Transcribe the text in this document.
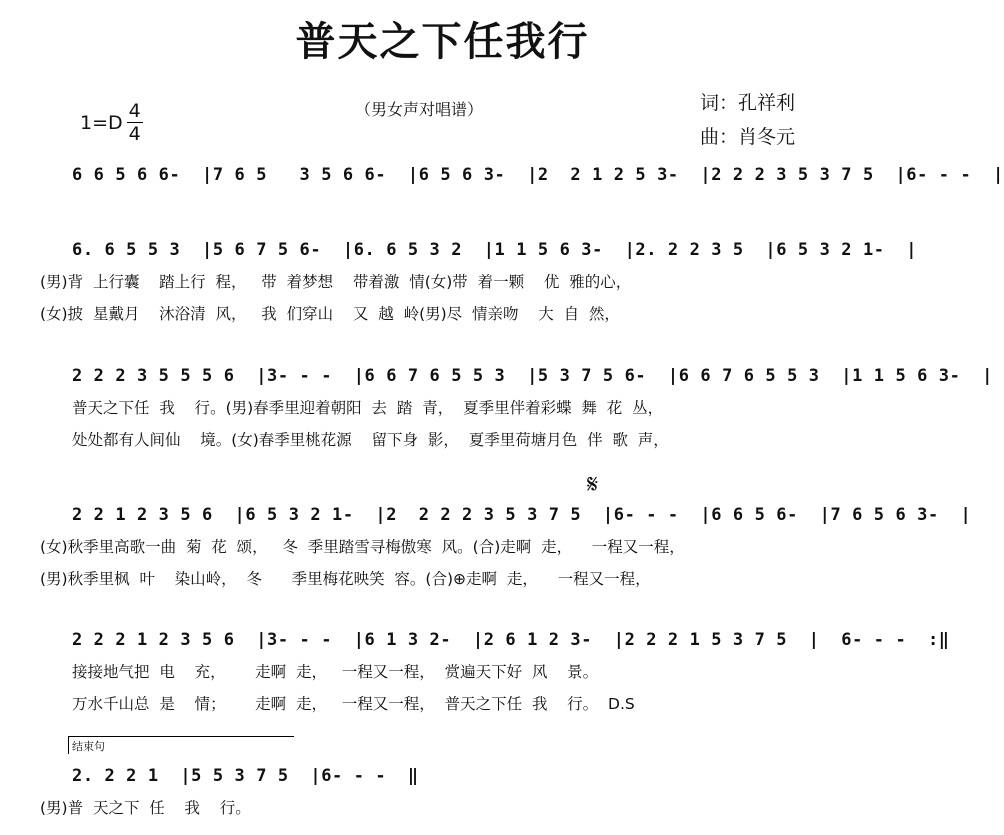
普天之下任我行
$1=D \frac{4}{4}$	（男女声对唱谱）	词：孔祥利
曲：肖冬元
6 6 5 6 6-  |7 6 5   3 5 6 6-  |6 5 6 3-  |2  2 1 2 5 3-  |2 2 2 3 5 3 7 5  |6- - -  |
6. 6 5 5 3  |5 6 7 5 6-  |6. 6 5 3 2  |1 1 5 6 3-  |2. 2 2 3 5  |6 5 3 2 1-  |
(男)背  上行囊    踏上行  程，   带  着梦想    带着激  情(女)带  着一颗    优  雅的心，
(女)披  星戴月    沐浴清  风，   我  们穿山    又  越  岭(男)尽  情亲吻    大  自  然，
2 2 2 3 5 5 5 6  |3- - -  |6 6 7 6 5 5 3  |5 3 7 5 6-  |6 6 7 6 5 5 3  |1 1 5 6 3-  |
普天之下任  我    行。(男)春季里迎着朝阳  去  踏  青，  夏季里伴着彩蝶  舞  花  丛，
处处都有人间仙    境。(女)春季里桃花源    留下身  影，  夏季里荷塘月色  伴  歌  声，
𝄋
2 2 1 2 3 5 6  |6 5 3 2 1-  |2  2 2 2 3 5 3 7 5  |6- - -  |6 6 5 6-  |7 6 5 6 3-  |
(女)秋季里高歌一曲  菊  花  颂，   冬  季里踏雪寻梅傲寒  风。(合)走啊  走，    一程又一程，
(男)秋季里枫  叶    染山岭，  冬      季里梅花映笑  容。(合)⊕走啊  走，    一程又一程，
2 2 2 1 2 3 5 6  |3- - -  |6 1 3 2-  |2 6 1 2 3-  |2 2 2 1 5 3 7 5  |  6- - -  :‖
接接地气把  电    充，      走啊  走，   一程又一程，  赏遍天下好  风    景。
万水千山总  是    情；      走啊  走，   一程又一程，  普天之下任  我    行。  D.S
结束句
2. 2 2 1  |5 5 3 7 5  |6- - -  ‖
(男)普  天之下  任    我    行。
